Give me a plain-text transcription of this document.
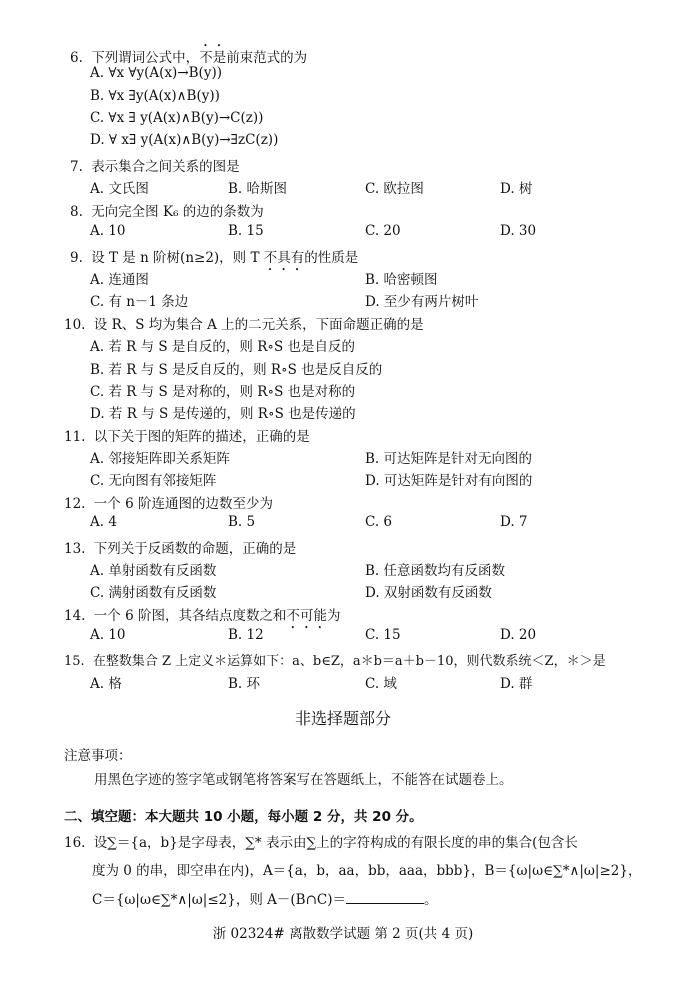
6. 下列谓词公式中，不是前束范式的为
A. ∀x ∀y(A(x)→B(y))
B. ∀x ∃y(A(x)∧B(y))
C. ∀x ∃ y(A(x)∧B(y)→C(z))
D. ∀ x∃ y(A(x)∧B(y)→∃zC(z))
7. 表示集合之间关系的图是
A. 文氏图	B. 哈斯图	C. 欧拉图	D. 树
8. 无向完全图 K₆ 的边的条数为
A. 10	B. 15	C. 20	D. 30
9. 设 T 是 n 阶树(n≥2)，则 T 不具有的性质是
A. 连通图	B. 哈密顿图
C. 有 n－1 条边	D. 至少有两片树叶
10. 设 R、S 均为集合 A 上的二元关系，下面命题正确的是
A. 若 R 与 S 是自反的，则 R∘S 也是自反的
B. 若 R 与 S 是反自反的，则 R∘S 也是反自反的
C. 若 R 与 S 是对称的，则 R∘S 也是对称的
D. 若 R 与 S 是传递的，则 R∘S 也是传递的
11. 以下关于图的矩阵的描述，正确的是
A. 邻接矩阵即关系矩阵	B. 可达矩阵是针对无向图的
C. 无向图有邻接矩阵	D. 可达矩阵是针对有向图的
12. 一个 6 阶连通图的边数至少为
A. 4	B. 5	C. 6	D. 7
13. 下列关于反函数的命题，正确的是
A. 单射函数有反函数	B. 任意函数均有反函数
C. 满射函数有反函数	D. 双射函数有反函数
14. 一个 6 阶图，其各结点度数之和不可能为
A. 10	B. 12	C. 15	D. 20
15. 在整数集合 Z 上定义＊运算如下：a、b∈Z，a＊b＝a＋b－10，则代数系统＜Z，＊＞是
A. 格	B. 环	C. 域	D. 群
非选择题部分
注意事项：
用黑色字迹的签字笔或钢笔将答案写在答题纸上，不能答在试题卷上。
二、填空题：本大题共 10 小题，每小题 2 分，共 20 分。
16. 设∑＝{a，b}是字母表，∑* 表示由∑上的字符构成的有限长度的串的集合(包含长
度为 0 的串，即空串在内)，A＝{a，b，aa，bb，aaa，bbb}，B＝{ω|ω∈∑*∧|ω|≥2}，
C＝{ω|ω∈∑*∧|ω|≤2}，则 A－(B∩C)＝	。
浙 02324# 离散数学试题 第 2 页(共 4 页)
